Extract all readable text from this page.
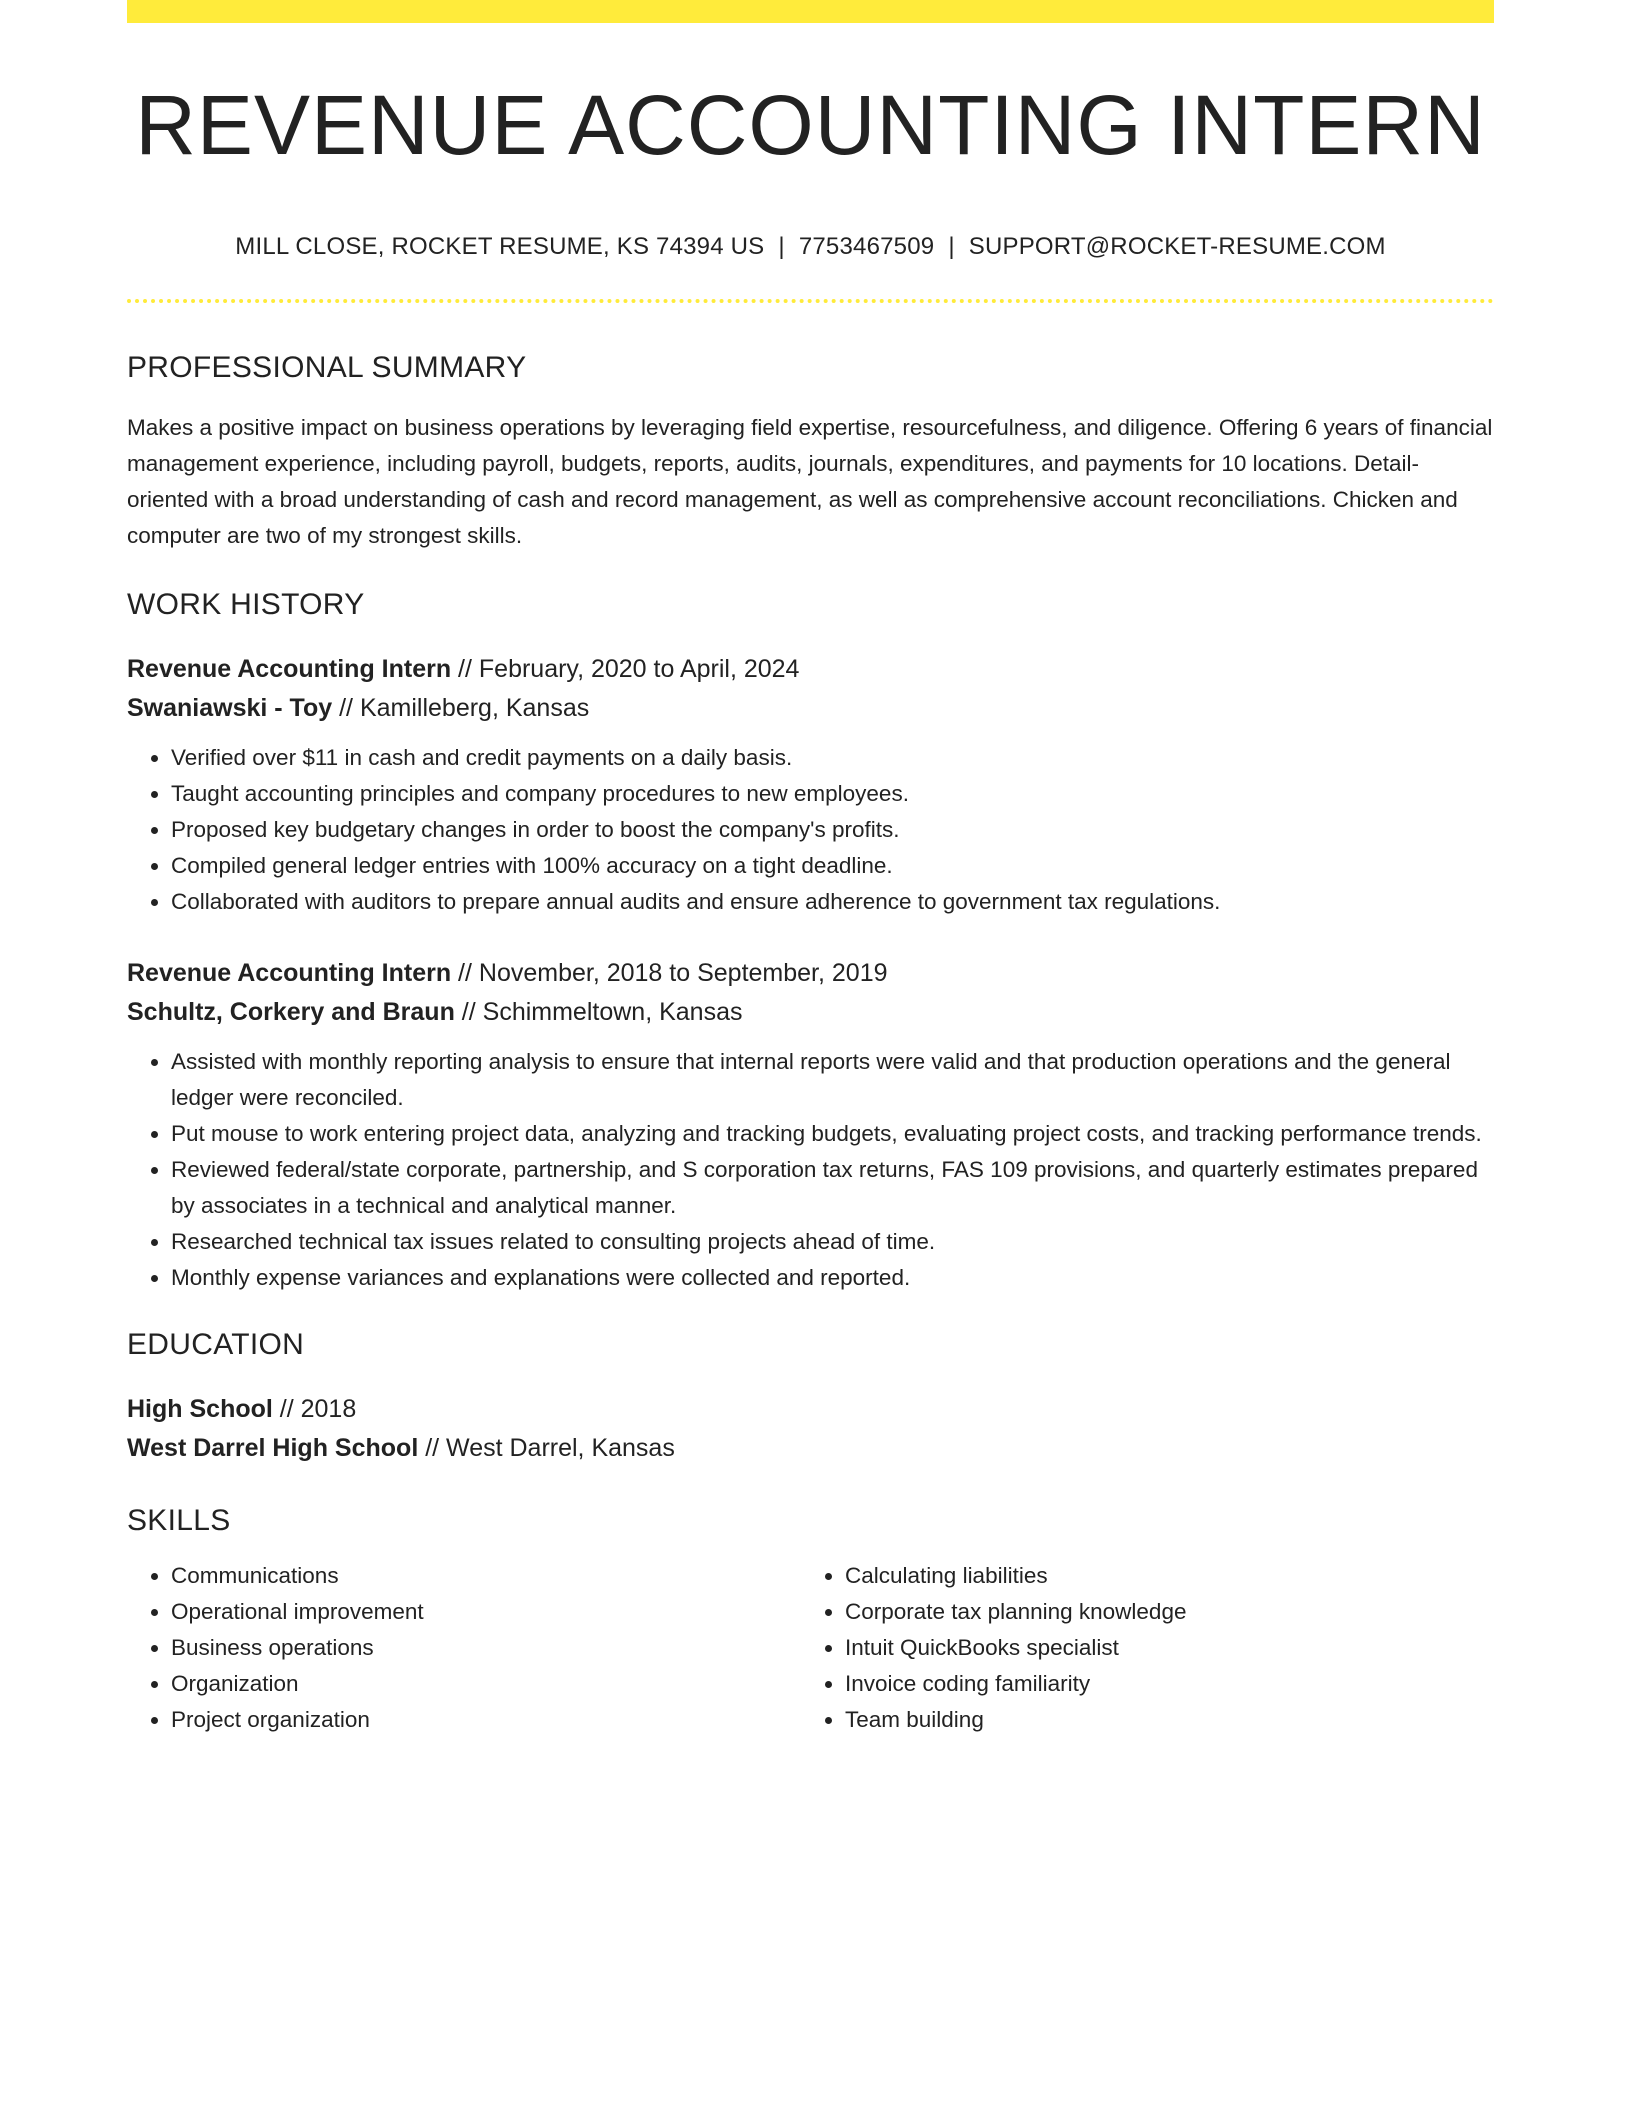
REVENUE ACCOUNTING INTERN
MILL CLOSE, ROCKET RESUME, KS 74394 US | 7753467509 | SUPPORT@ROCKET-RESUME.COM
PROFESSIONAL SUMMARY
Makes a positive impact on business operations by leveraging field expertise, resourcefulness, and diligence. Offering 6 years of financial management experience, including payroll, budgets, reports, audits, journals, expenditures, and payments for 10 locations. Detail-oriented with a broad understanding of cash and record management, as well as comprehensive account reconciliations. Chicken and computer are two of my strongest skills.
WORK HISTORY
Revenue Accounting Intern // February, 2020 to April, 2024
Swaniawski - Toy // Kamilleberg, Kansas
• Verified over $11 in cash and credit payments on a daily basis.
• Taught accounting principles and company procedures to new employees.
• Proposed key budgetary changes in order to boost the company's profits.
• Compiled general ledger entries with 100% accuracy on a tight deadline.
• Collaborated with auditors to prepare annual audits and ensure adherence to government tax regulations.
Revenue Accounting Intern // November, 2018 to September, 2019
Schultz, Corkery and Braun // Schimmeltown, Kansas
• Assisted with monthly reporting analysis to ensure that internal reports were valid and that production operations and the general ledger were reconciled.
• Put mouse to work entering project data, analyzing and tracking budgets, evaluating project costs, and tracking performance trends.
• Reviewed federal/state corporate, partnership, and S corporation tax returns, FAS 109 provisions, and quarterly estimates prepared by associates in a technical and analytical manner.
• Researched technical tax issues related to consulting projects ahead of time.
• Monthly expense variances and explanations were collected and reported.
EDUCATION
High School // 2018
West Darrel High School // West Darrel, Kansas
SKILLS
• Communications
• Operational improvement
• Business operations
• Organization
• Project organization
• Calculating liabilities
• Corporate tax planning knowledge
• Intuit QuickBooks specialist
• Invoice coding familiarity
• Team building
